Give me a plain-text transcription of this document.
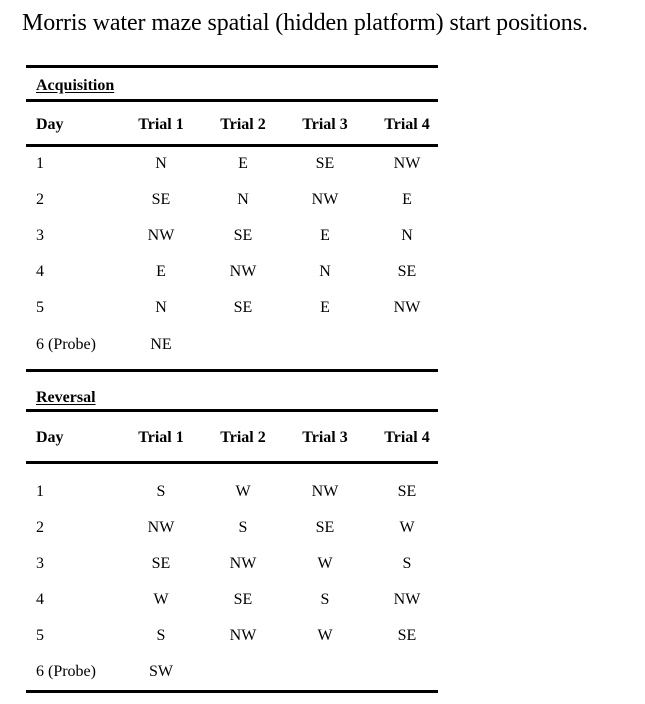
Morris water maze spatial (hidden platform) start positions.
Acquisition
Day	Trial 1	Trial 2	Trial 3	Trial 4
1	N	E	SE	NW
2	SE	N	NW	E
3	NW	SE	E	N
4	E	NW	N	SE
5	N	SE	E	NW
6 (Probe)	NE
Reversal
Day	Trial 1	Trial 2	Trial 3	Trial 4
1	S	W	NW	SE
2	NW	S	SE	W
3	SE	NW	W	S
4	W	SE	S	NW
5	S	NW	W	SE
6 (Probe)	SW
